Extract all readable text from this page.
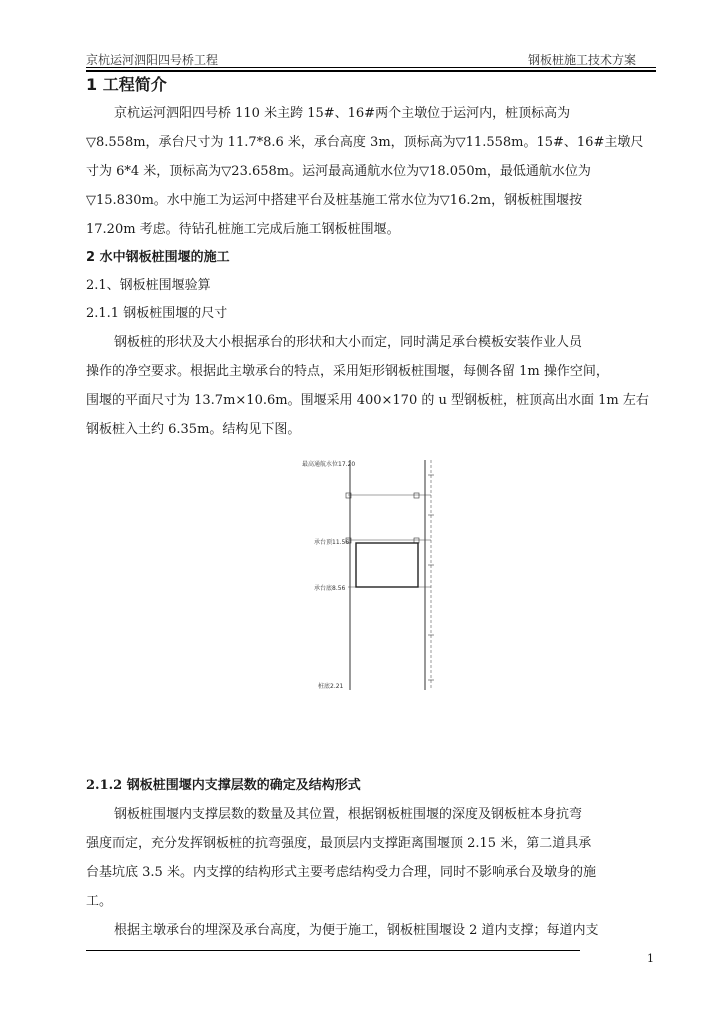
京杭运河泗阳四号桥工程	钢板桩施工技术方案
1 工程简介

京杭运河泗阳四号桥 110 米主跨 15#、16#两个主墩位于运河内，桩顶标高为

▽8.558m，承台尺寸为 11.7*8.6 米，承台高度 3m，顶标高为▽11.558m。15#、16#主墩尺

寸为 6*4 米，顶标高为▽23.658m。运河最高通航水位为▽18.050m，最低通航水位为

▽15.830m。水中施工为运河中搭建平台及桩基施工常水位为▽16.2m，钢板桩围堰按

17.20m 考虑。待钻孔桩施工完成后施工钢板桩围堰。

2 水中钢板桩围堰的施工
2.1、钢板桩围堰验算
2.1.1 钢板桩围堰的尺寸

钢板桩的形状及大小根据承台的形状和大小而定，同时满足承台模板安装作业人员

操作的净空要求。根据此主墩承台的特点，采用矩形钢板桩围堰，每侧各留 1m 操作空间，

围堰的平面尺寸为 13.7m×10.6m。围堰采用 400×170 的 u 型钢板桩，桩顶高出水面 1m 左右

钢板桩入土约 6.35m。结构见下图。

最高通航水位17.20
承台顶11.56
承台底8.56
桩底2.21
2.1.2 钢板桩围堰内支撑层数的确定及结构形式

钢板桩围堰内支撑层数的数量及其位置，根据钢板桩围堰的深度及钢板桩本身抗弯

强度而定，充分发挥钢板桩的抗弯强度，最顶层内支撑距离围堰顶 2.15 米，第二道具承

台基坑底 3.5 米。内支撑的结构形式主要考虑结构受力合理，同时不影响承台及墩身的施

工。

根据主墩承台的埋深及承台高度，为便于施工，钢板桩围堰设 2 道内支撑；每道内支

1
